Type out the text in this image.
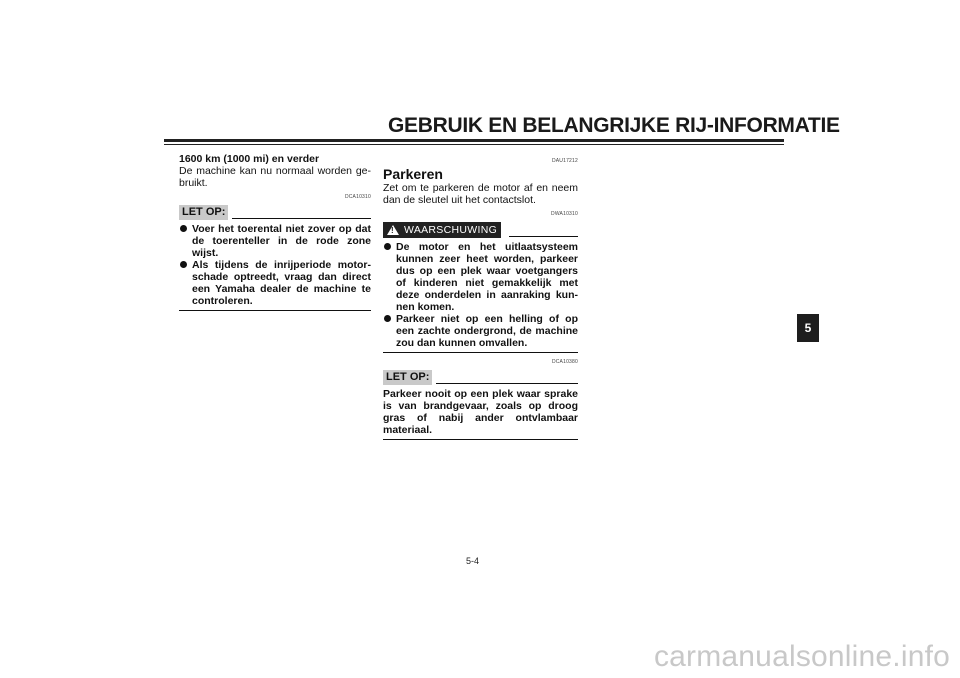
GEBRUIK EN BELANGRIJKE RIJ-INFORMATIE
1600 km (1000 mi) en verder
De machine kan nu normaal worden ge-bruikt.
DCA10310
LET OP:
Voer het toerental niet zover op dat de toerenteller in de rode zone wijst.
Als tijdens de inrijperiode motor-schade optreedt, vraag dan direct een Yamaha dealer de machine te controleren.
DAU17212
Parkeren
Zet om te parkeren de motor af en neem dan de sleutel uit het contactslot.
DWA10310
! WAARSCHUWING
De motor en het uitlaatsysteem kunnen zeer heet worden, parkeer dus op een plek waar voetgangers of kinderen niet gemakkelijk met deze onderdelen in aanraking kun-nen komen.
Parkeer niet op een helling of op een zachte ondergrond, de machine zou dan kunnen omvallen.
DCA10380
LET OP:
Parkeer nooit op een plek waar sprake is van brandgevaar, zoals op droog gras of nabij ander ontvlambaar materiaal.
5
5-4
carmanualsonline.info
